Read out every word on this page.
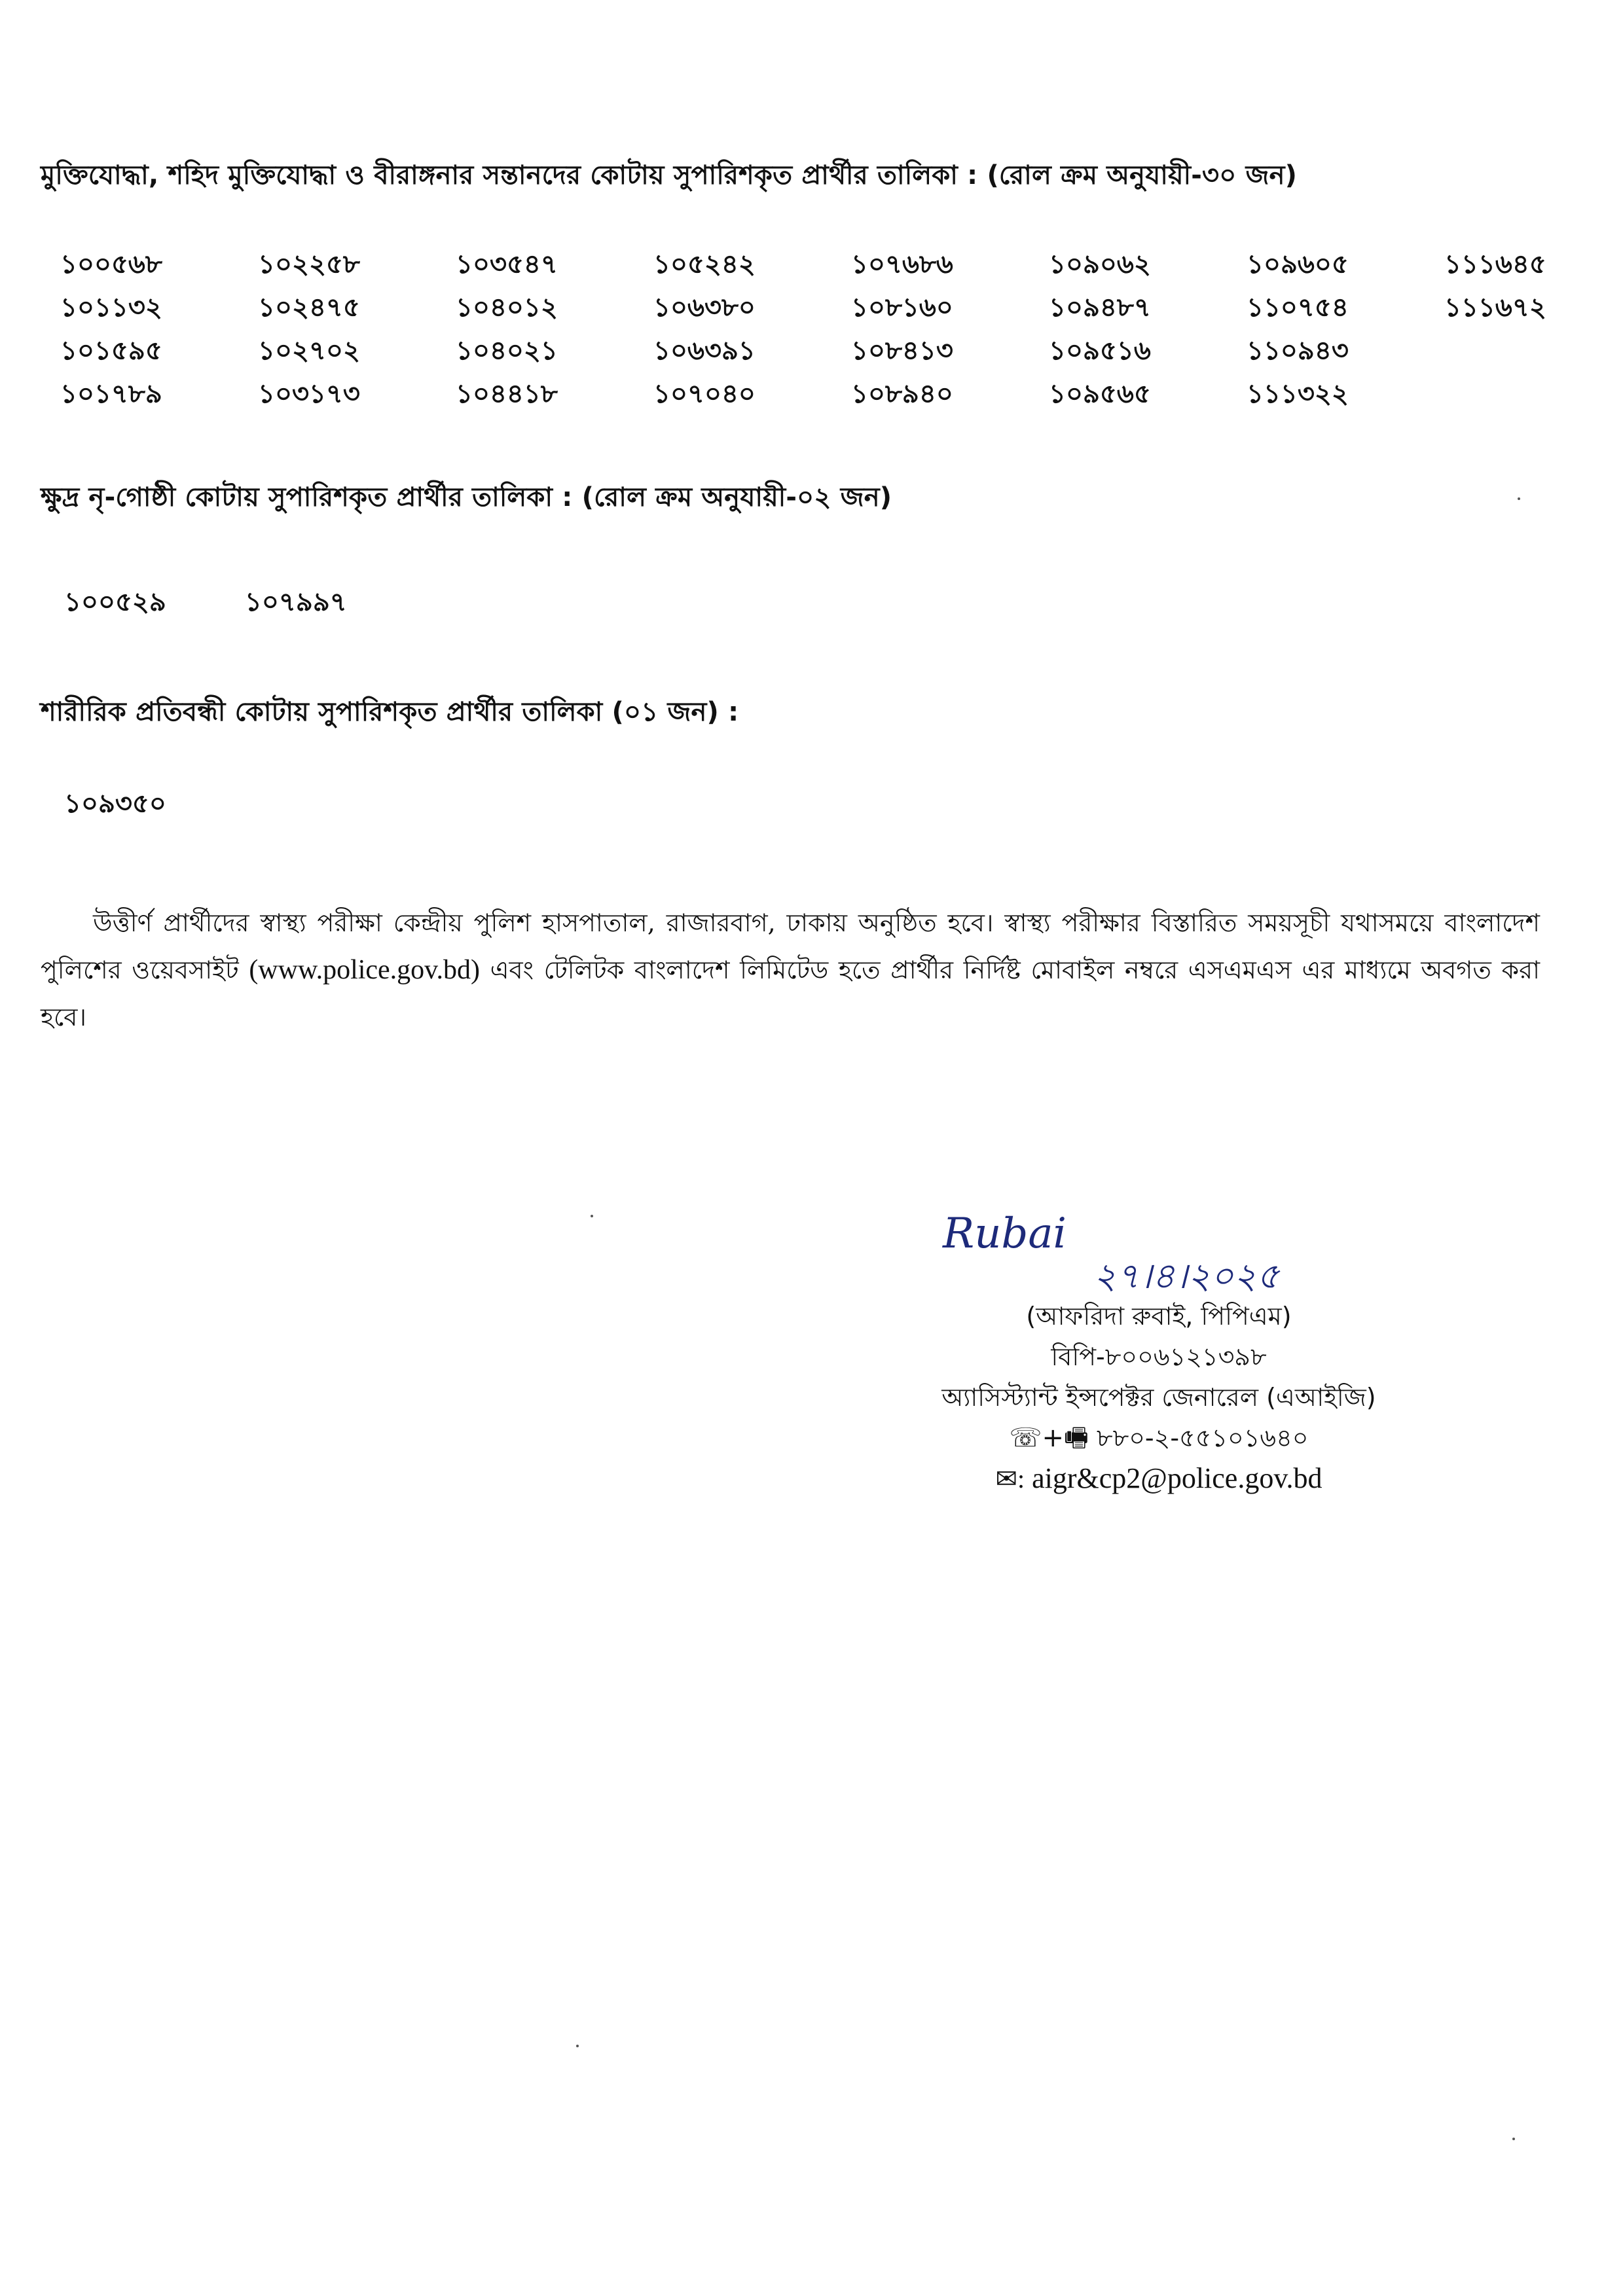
মুক্তিযোদ্ধা, শহিদ মুক্তিযোদ্ধা ও বীরাঙ্গনার সন্তানদের কোটায় সুপারিশকৃত প্রার্থীর তালিকা : (রোল ক্রম অনুযায়ী-৩০ জন)
১০০৫৬৮
১০১১৩২
১০১৫৯৫
১০১৭৮৯
১০২২৫৮
১০২৪৭৫
১০২৭০২
১০৩১৭৩
১০৩৫৪৭
১০৪০১২
১০৪০২১
১০৪৪১৮
১০৫২৪২
১০৬৩৮০
১০৬৩৯১
১০৭০৪০
১০৭৬৮৬
১০৮১৬০
১০৮৪১৩
১০৮৯৪০
১০৯০৬২
১০৯৪৮৭
১০৯৫১৬
১০৯৫৬৫
১০৯৬০৫
১১০৭৫৪
১১০৯৪৩
১১১৩২২
১১১৬৪৫
১১১৬৭২
ক্ষুদ্র নৃ-গোষ্ঠী কোটায় সুপারিশকৃত প্রার্থীর তালিকা : (রোল ক্রম অনুযায়ী-০২ জন)
১০০৫২৯	১০৭৯৯৭
শারীরিক প্রতিবন্ধী কোটায় সুপারিশকৃত প্রার্থীর তালিকা (০১ জন) :
১০৯৩৫০

উত্তীর্ণ প্রার্থীদের স্বাস্থ্য পরীক্ষা কেন্দ্রীয় পুলিশ হাসপাতাল, রাজারবাগ, ঢাকায় অনুষ্ঠিত হবে। স্বাস্থ্য পরীক্ষার বিস্তারিত সময়সূচী যথাসময়ে বাংলাদেশ পুলিশের ওয়েবসাইট (www.police.gov.bd) এবং টেলিটক বাংলাদেশ লিমিটেড হতে প্রার্থীর নির্দিষ্ট মোবাইল নম্বরে এসএমএস এর মাধ্যমে অবগত করা হবে।

Rubai
২৭।৪।২০২৫
(আফরিদা রুবাই, পিপিএম)
বিপি-৮০০৬১২১৩৯৮
অ্যাসিস্ট্যান্ট ইন্সপেক্টর জেনারেল (এআইজি)
☏+🖷 ৮৮০-২-৫৫১০১৬৪০
✉: aigr&cp2@police.gov.bd
